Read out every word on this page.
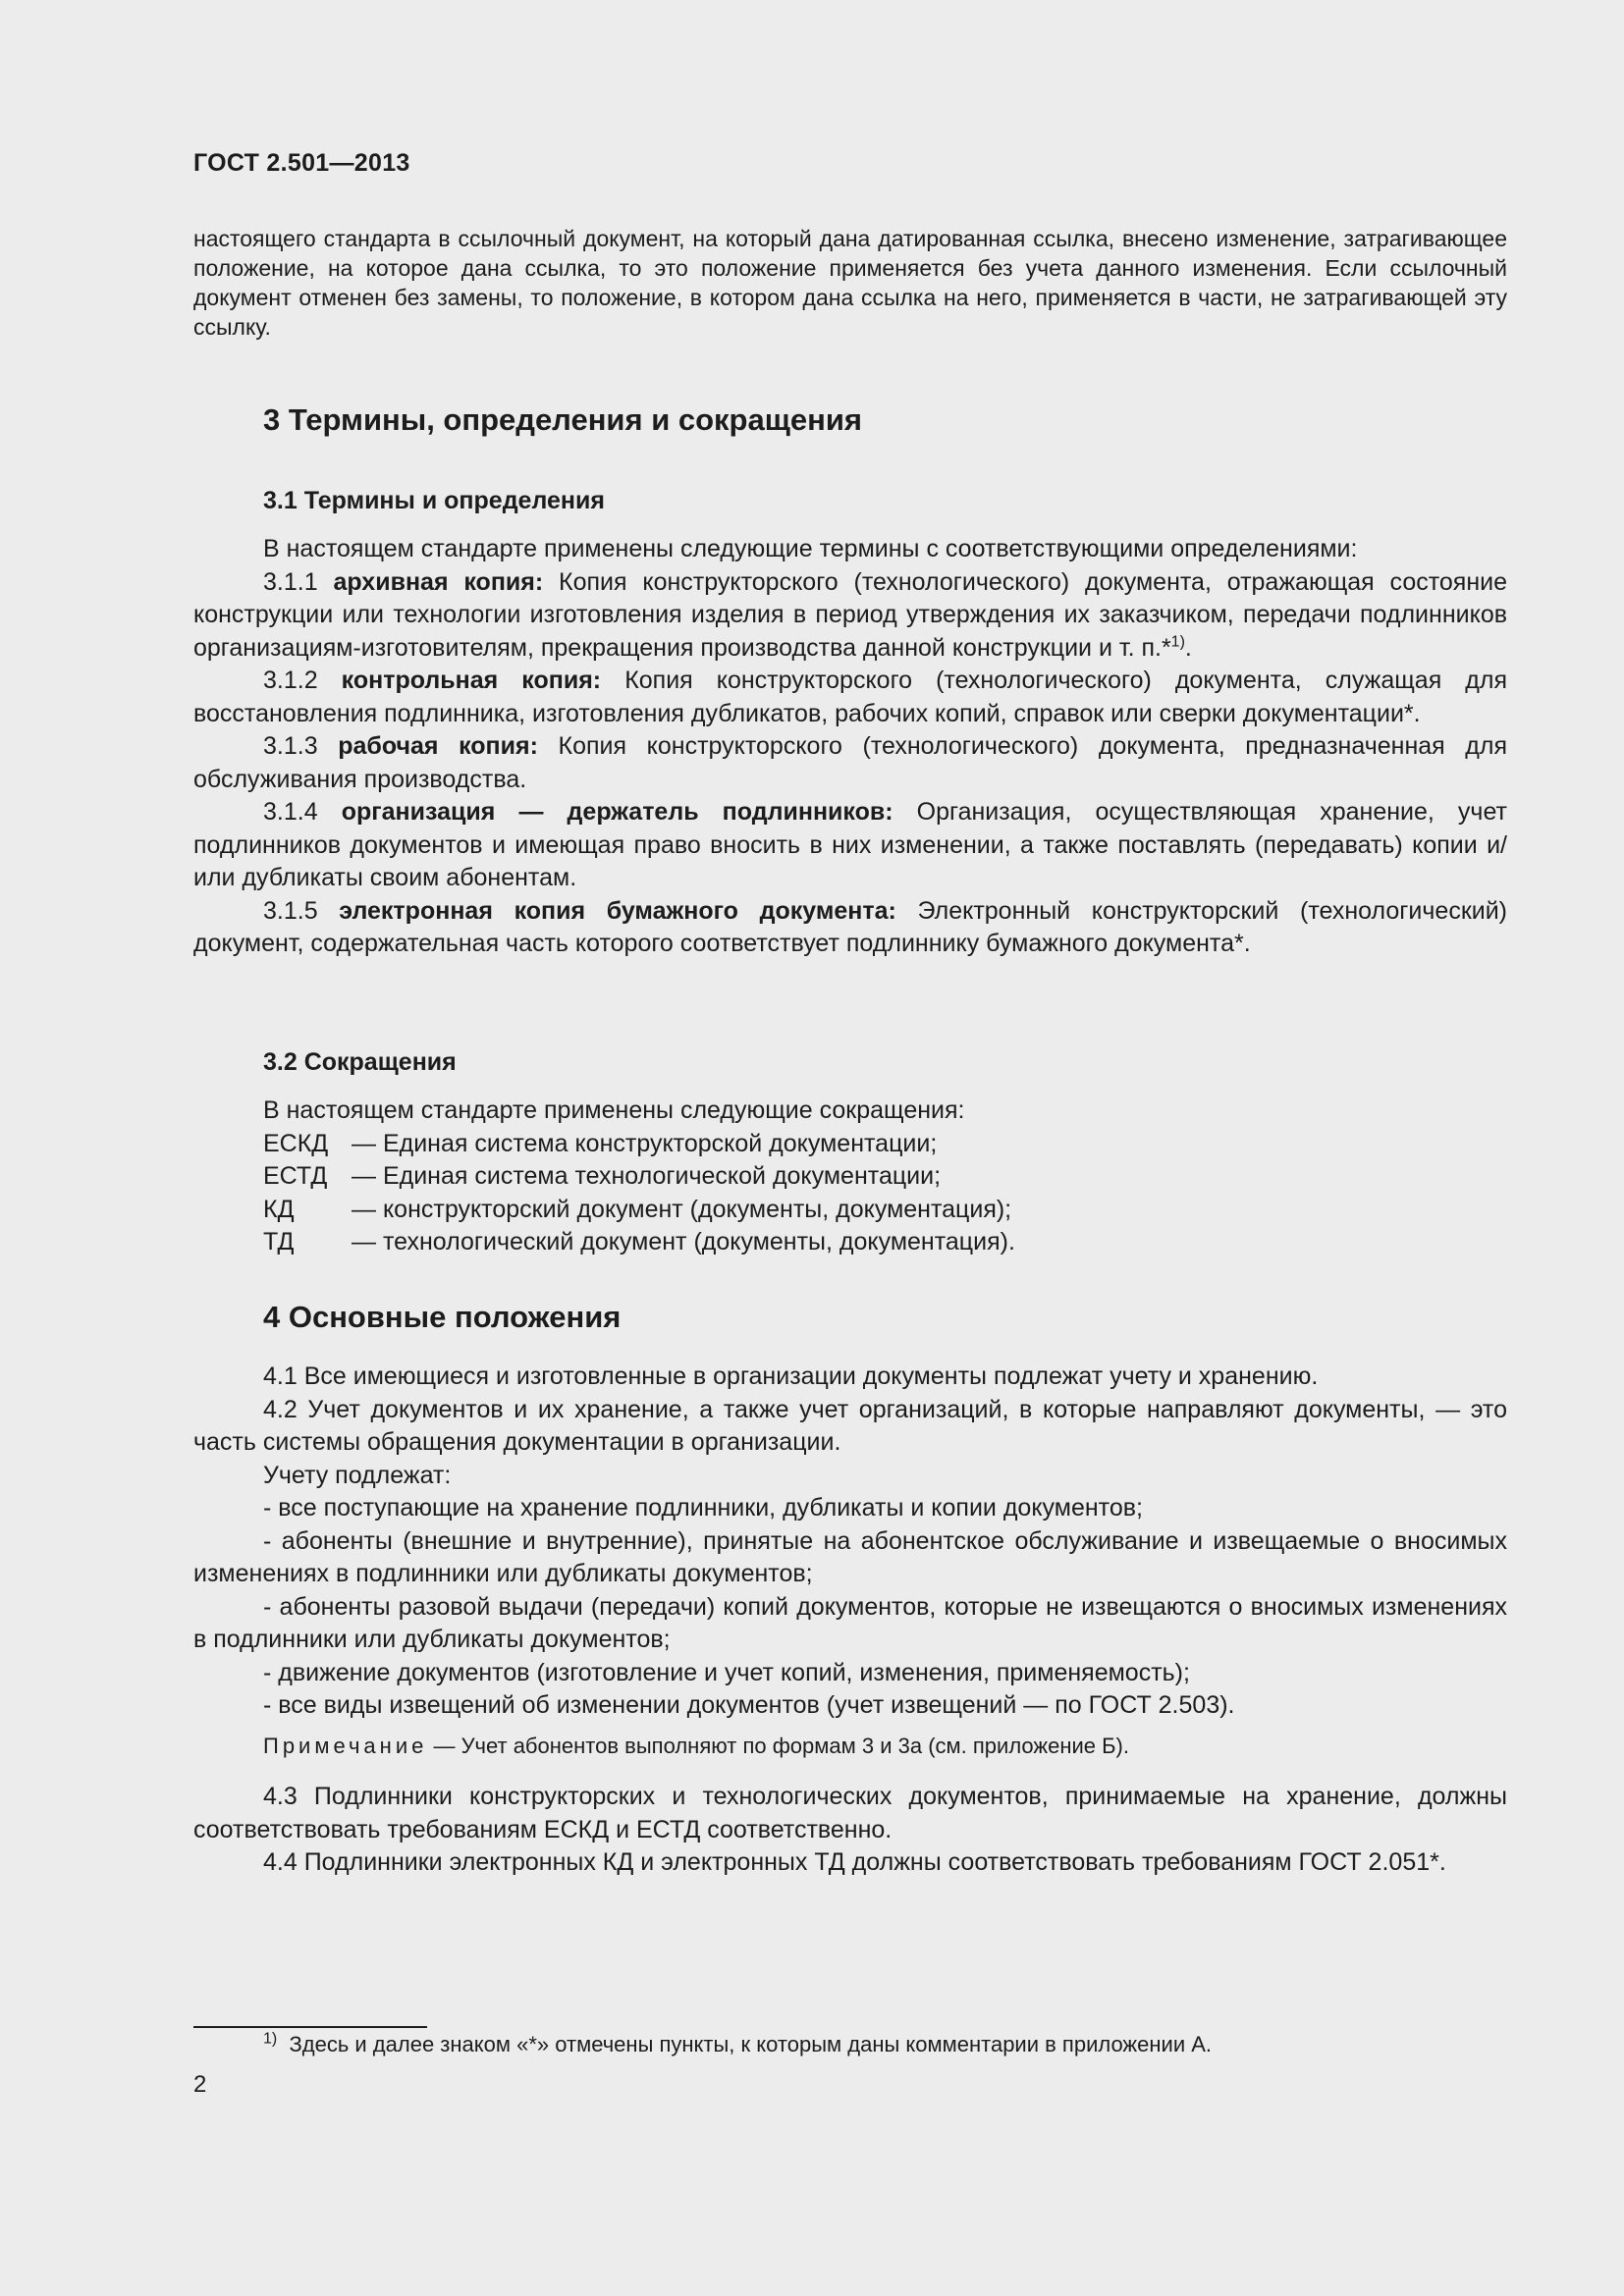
ГОСТ 2.501—2013
настоящего стандарта в ссылочный документ, на который дана датированная ссылка, внесено изменение, затрагивающее положение, на которое дана ссылка, то это положение применяется без учета данного изменения. Если ссылочный документ отменен без замены, то положение, в котором дана ссылка на него, применяется в части, не затрагивающей эту ссылку.
3 Термины, определения и сокращения
3.1 Термины и определения

В настоящем стандарте применены следующие термины с соответствующими определениями:

3.1.1 архивная копия: Копия конструкторского (технологического) документа, отражающая состояние конструкции или технологии изготовления изделия в период утверждения их заказчиком, передачи подлинников организациям-изготовителям, прекращения производства данной конструкции и т. п.*$^{1)}$.

3.1.2 контрольная копия: Копия конструкторского (технологического) документа, служащая для восстановления подлинника, изготовления дубликатов, рабочих копий, справок или сверки документации*.

3.1.3 рабочая копия: Копия конструкторского (технологического) документа, предназначенная для обслуживания производства.

3.1.4 организация — держатель подлинников: Организация, осуществляющая хранение, учет подлинников документов и имеющая право вносить в них изменении, а также поставлять (передавать) копии и/или дубликаты своим абонентам.

3.1.5 электронная копия бумажного документа: Электронный конструкторский (технологический) документ, содержательная часть которого соответствует подлиннику бумажного документа*.

3.2 Сокращения

В настоящем стандарте применены следующие сокращения:

ЕСКД — Единая система конструкторской документации;
ЕСТД — Единая система технологической документации;
КД	— конструкторский документ (документы, документация);
ТД	— технологический документ (документы, документация).
4 Основные положения

4.1 Все имеющиеся и изготовленные в организации документы подлежат учету и хранению.

4.2 Учет документов и их хранение, а также учет организаций, в которые направляют документы, — это часть системы обращения документации в организации.

Учету подлежат:

- все поступающие на хранение подлинники, дубликаты и копии документов;

- абоненты (внешние и внутренние), принятые на абонентское обслуживание и извещаемые о вносимых изменениях в подлинники или дубликаты документов;

- абоненты разовой выдачи (передачи) копий документов, которые не извещаются о вносимых изменениях в подлинники или дубликаты документов;

- движение документов (изготовление и учет копий, изменения, применяемость);

- все виды извещений об изменении документов (учет извещений — по ГОСТ 2.503).

Примечание — Учет абонентов выполняют по формам 3 и 3а (см. приложение Б).

4.3 Подлинники конструкторских и технологических документов, принимаемые на хранение, должны соответствовать требованиям ЕСКД и ЕСТД соответственно.

4.4 Подлинники электронных КД и электронных ТД должны соответствовать требованиям ГОСТ 2.051*.

$^{1)}$ Здесь и далее знаком «*» отмечены пункты, к которым даны комментарии в приложении А.
2
